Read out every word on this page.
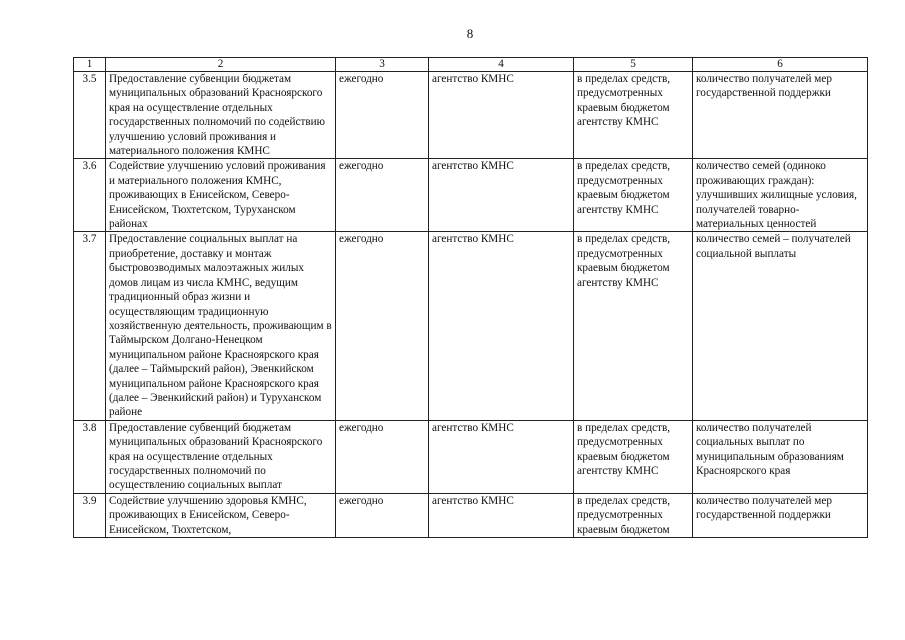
8
1	2	3	4	5	6
3.5	Предоставление субвенции бюджетам муниципальных образований Красноярского края на осуществление отдельных государственных полномочий по содействию улучшению условий проживания и материального положения КМНС	ежегодно	агентство КМНС	в пределах средств, предусмотренных краевым бюджетом агентству КМНС	количество получателей мер государственной поддержки
3.6	Содействие улучшению условий проживания и материального положения КМНС, проживающих в Енисейском, Северо-Енисейском, Тюхтетском, Туруханском районах	ежегодно	агентство КМНС	в пределах средств, предусмотренных краевым бюджетом агентству КМНС	количество семей (одиноко проживающих граждан): улучшивших жилищные условия, получателей товарно-материальных ценностей
3.7	Предоставление социальных выплат на приобретение, доставку и монтаж быстровозводимых малоэтажных жилых домов лицам из числа КМНС, ведущим традиционный образ жизни и осуществляющим традиционную хозяйственную деятельность, проживающим в Таймырском Долгано-Ненецком муниципальном районе Красноярского края (далее – Таймырский район), Эвенкийском муниципальном районе Красноярского края (далее – Эвенкийский район) и Туруханском районе	ежегодно	агентство КМНС	в пределах средств, предусмотренных краевым бюджетом агентству КМНС	количество семей – получателей социальной выплаты
3.8	Предоставление субвенций бюджетам муниципальных образований Красноярского края на осуществление отдельных государственных полномочий по осуществлению социальных выплат	ежегодно	агентство КМНС	в пределах средств, предусмотренных краевым бюджетом агентству КМНС	количество получателей социальных выплат по муниципальным образованиям Красноярского края
3.9	Содействие улучшению здоровья КМНС, проживающих в Енисейском, Северо-Енисейском, Тюхтетском,	ежегодно	агентство КМНС	в пределах средств, предусмотренных краевым бюджетом	количество получателей мер государственной поддержки
